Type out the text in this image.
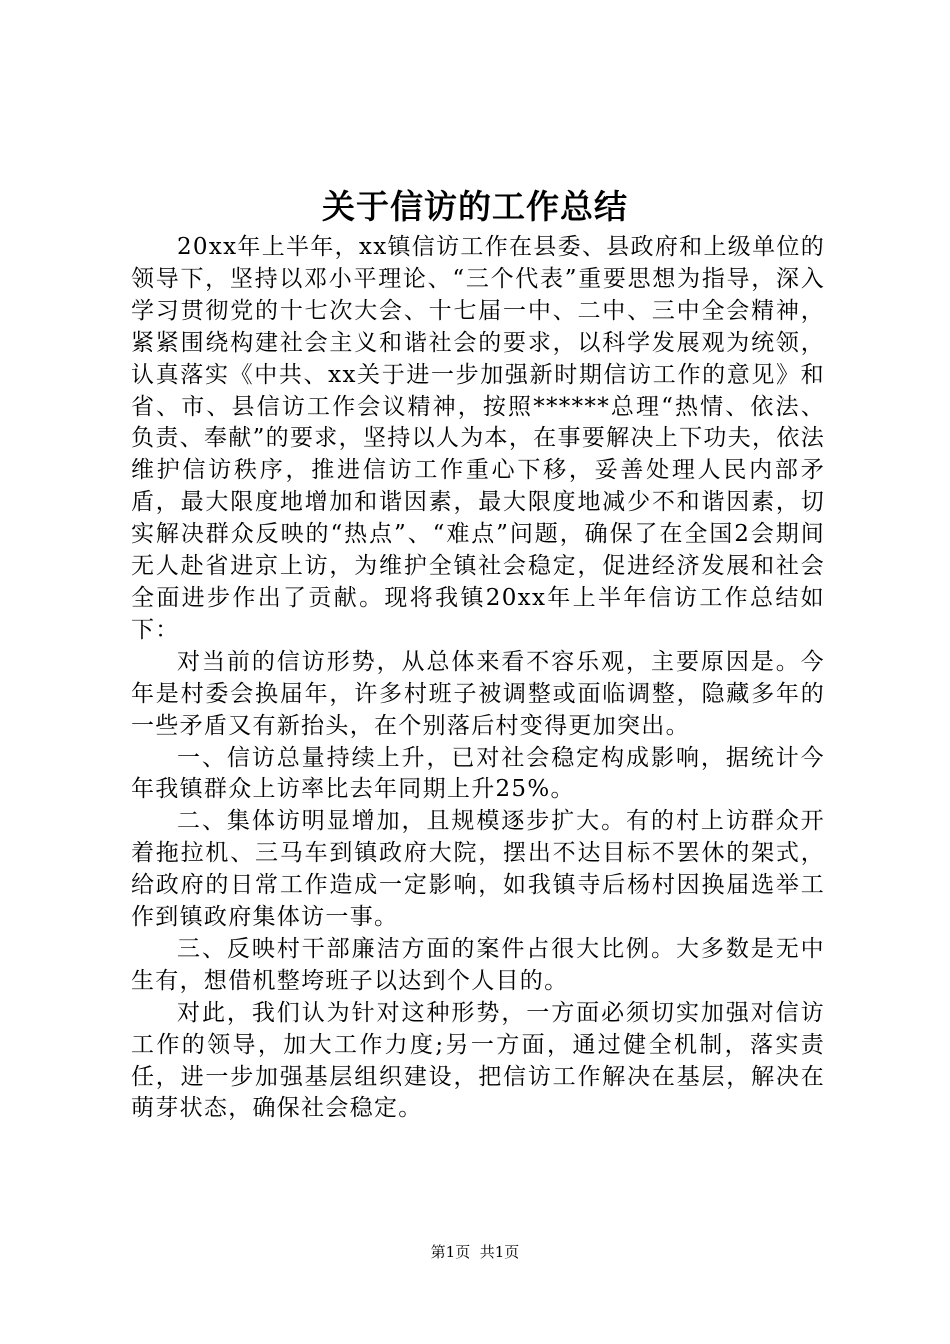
关于信访的工作总结

20xx年上半年，xx镇信访工作在县委、县政府和上级单位的领导下，坚持以邓小平理论、“三个代表”重要思想为指导，深入学习贯彻党的十七次大会、十七届一中、二中、三中全会精神，紧紧围绕构建社会主义和谐社会的要求，以科学发展观为统领，认真落实《中共、xx关于进一步加强新时期信访工作的意见》和省、市、县信访工作会议精神，按照******总理“热情、依法、负责、奉献”的要求，坚持以人为本，在事要解决上下功夫，依法维护信访秩序，推进信访工作重心下移，妥善处理人民内部矛盾，最大限度地增加和谐因素，最大限度地减少不和谐因素，切实解决群众反映的“热点”、“难点”问题，确保了在全国2会期间无人赴省进京上访，为维护全镇社会稳定，促进经济发展和社会全面进步作出了贡献。现将我镇20xx年上半年信访工作总结如下：

对当前的信访形势，从总体来看不容乐观，主要原因是。今年是村委会换届年，许多村班子被调整或面临调整，隐藏多年的一些矛盾又有新抬头，在个别落后村变得更加突出。

一、信访总量持续上升，已对社会稳定构成影响，据统计今年我镇群众上访率比去年同期上升25%。

二、集体访明显增加，且规模逐步扩大。有的村上访群众开着拖拉机、三马车到镇政府大院，摆出不达目标不罢休的架式，给政府的日常工作造成一定影响，如我镇寺后杨村因换届选举工作到镇政府集体访一事。

三、反映村干部廉洁方面的案件占很大比例。大多数是无中生有，想借机整垮班子以达到个人目的。

对此，我们认为针对这种形势，一方面必须切实加强对信访工作的领导，加大工作力度;另一方面，通过健全机制，落实责任，进一步加强基层组织建设，把信访工作解决在基层，解决在萌芽状态，确保社会稳定。

第1页 共1页
